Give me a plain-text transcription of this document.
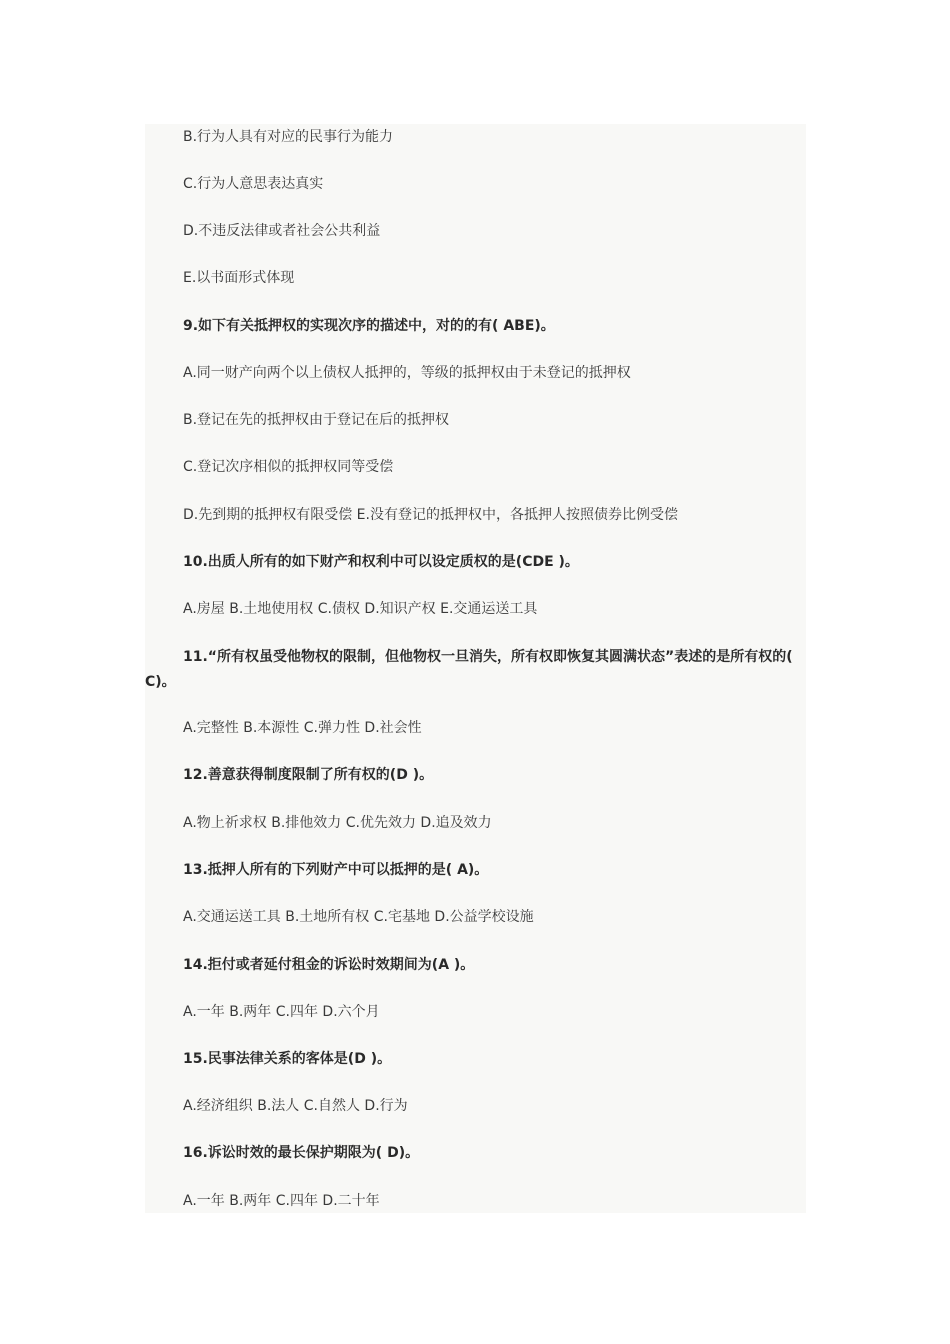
B.行为人具有对应的民事行为能力
C.行为人意思表达真实
D.不违反法律或者社会公共利益
E.以书面形式体现
9.如下有关抵押权的实现次序的描述中，对的的有( ABE)。
A.同一财产向两个以上债权人抵押的，等级的抵押权由于未登记的抵押权
B.登记在先的抵押权由于登记在后的抵押权
C.登记次序相似的抵押权同等受偿
D.先到期的抵押权有限受偿 E.没有登记的抵押权中，各抵押人按照债券比例受偿
10.出质人所有的如下财产和权利中可以设定质权的是(CDE )。
A.房屋 B.土地使用权 C.债权 D.知识产权 E.交通运送工具
11.“所有权虽受他物权的限制，但他物权一旦消失，所有权即恢复其圆满状态”表述的是所有权的( C)。
A.完整性 B.本源性 C.弹力性 D.社会性
12.善意获得制度限制了所有权的(D )。
A.物上祈求权 B.排他效力 C.优先效力 D.追及效力
13.抵押人所有的下列财产中可以抵押的是( A)。
A.交通运送工具 B.土地所有权 C.宅基地 D.公益学校设施
14.拒付或者延付租金的诉讼时效期间为(A )。
A.一年 B.两年 C.四年 D.六个月
15.民事法律关系的客体是(D )。
A.经济组织 B.法人 C.自然人 D.行为
16.诉讼时效的最长保护期限为( D)。
A.一年 B.两年 C.四年 D.二十年
